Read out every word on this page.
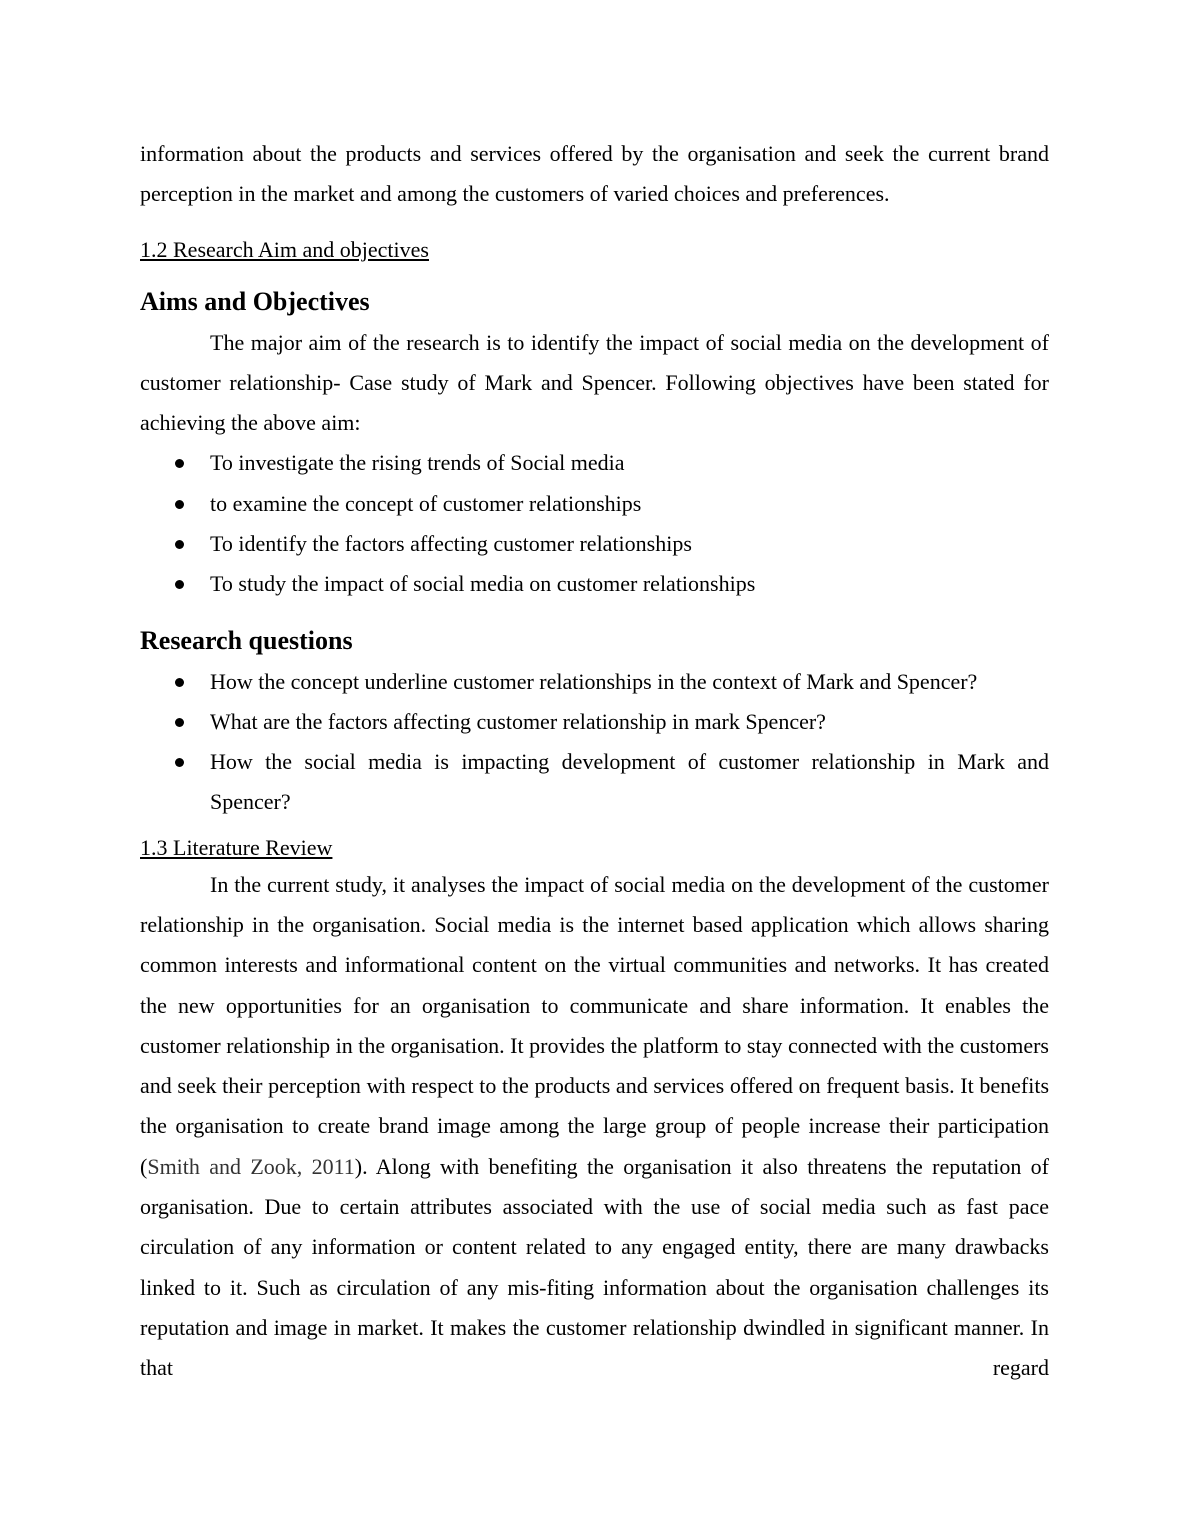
information about the products and services offered by the organisation and seek the current brand perception in the market and among the customers of varied choices and preferences.

1.2 Research Aim and objectives

Aims and Objectives

The major aim of the research is to identify the impact of social media on the development of customer relationship- Case study of Mark and Spencer. Following objectives have been stated for achieving the above aim:

To investigate the rising trends of Social media
to examine the concept of customer relationships
To identify the factors affecting customer relationships
To study the impact of social media on customer relationships
Research questions
How the concept underline customer relationships in the context of Mark and Spencer?
What are the factors affecting customer relationship in mark Spencer?
How the social media is impacting development of customer relationship in Mark and Spencer?

1.3 Literature Review

In the current study, it analyses the impact of social media on the development of the customer relationship in the organisation. Social media is the internet based application which allows sharing common interests and informational content on the virtual communities and networks. It has created the new opportunities for an organisation to communicate and share information. It enables the customer relationship in the organisation. It provides the platform to stay connected with the customers and seek their perception with respect to the products and services offered on frequent basis. It benefits the organisation to create brand image among the large group of people increase their participation (Smith and Zook, 2011). Along with benefiting the organisation it also threatens the reputation of organisation. Due to certain attributes associated with the use of social media such as fast pace circulation of any information or content related to any engaged entity, there are many drawbacks linked to it. Such as circulation of any mis-fiting information about the organisation challenges its reputation and image in market. It makes the customer relationship dwindled in significant manner. In that regard
